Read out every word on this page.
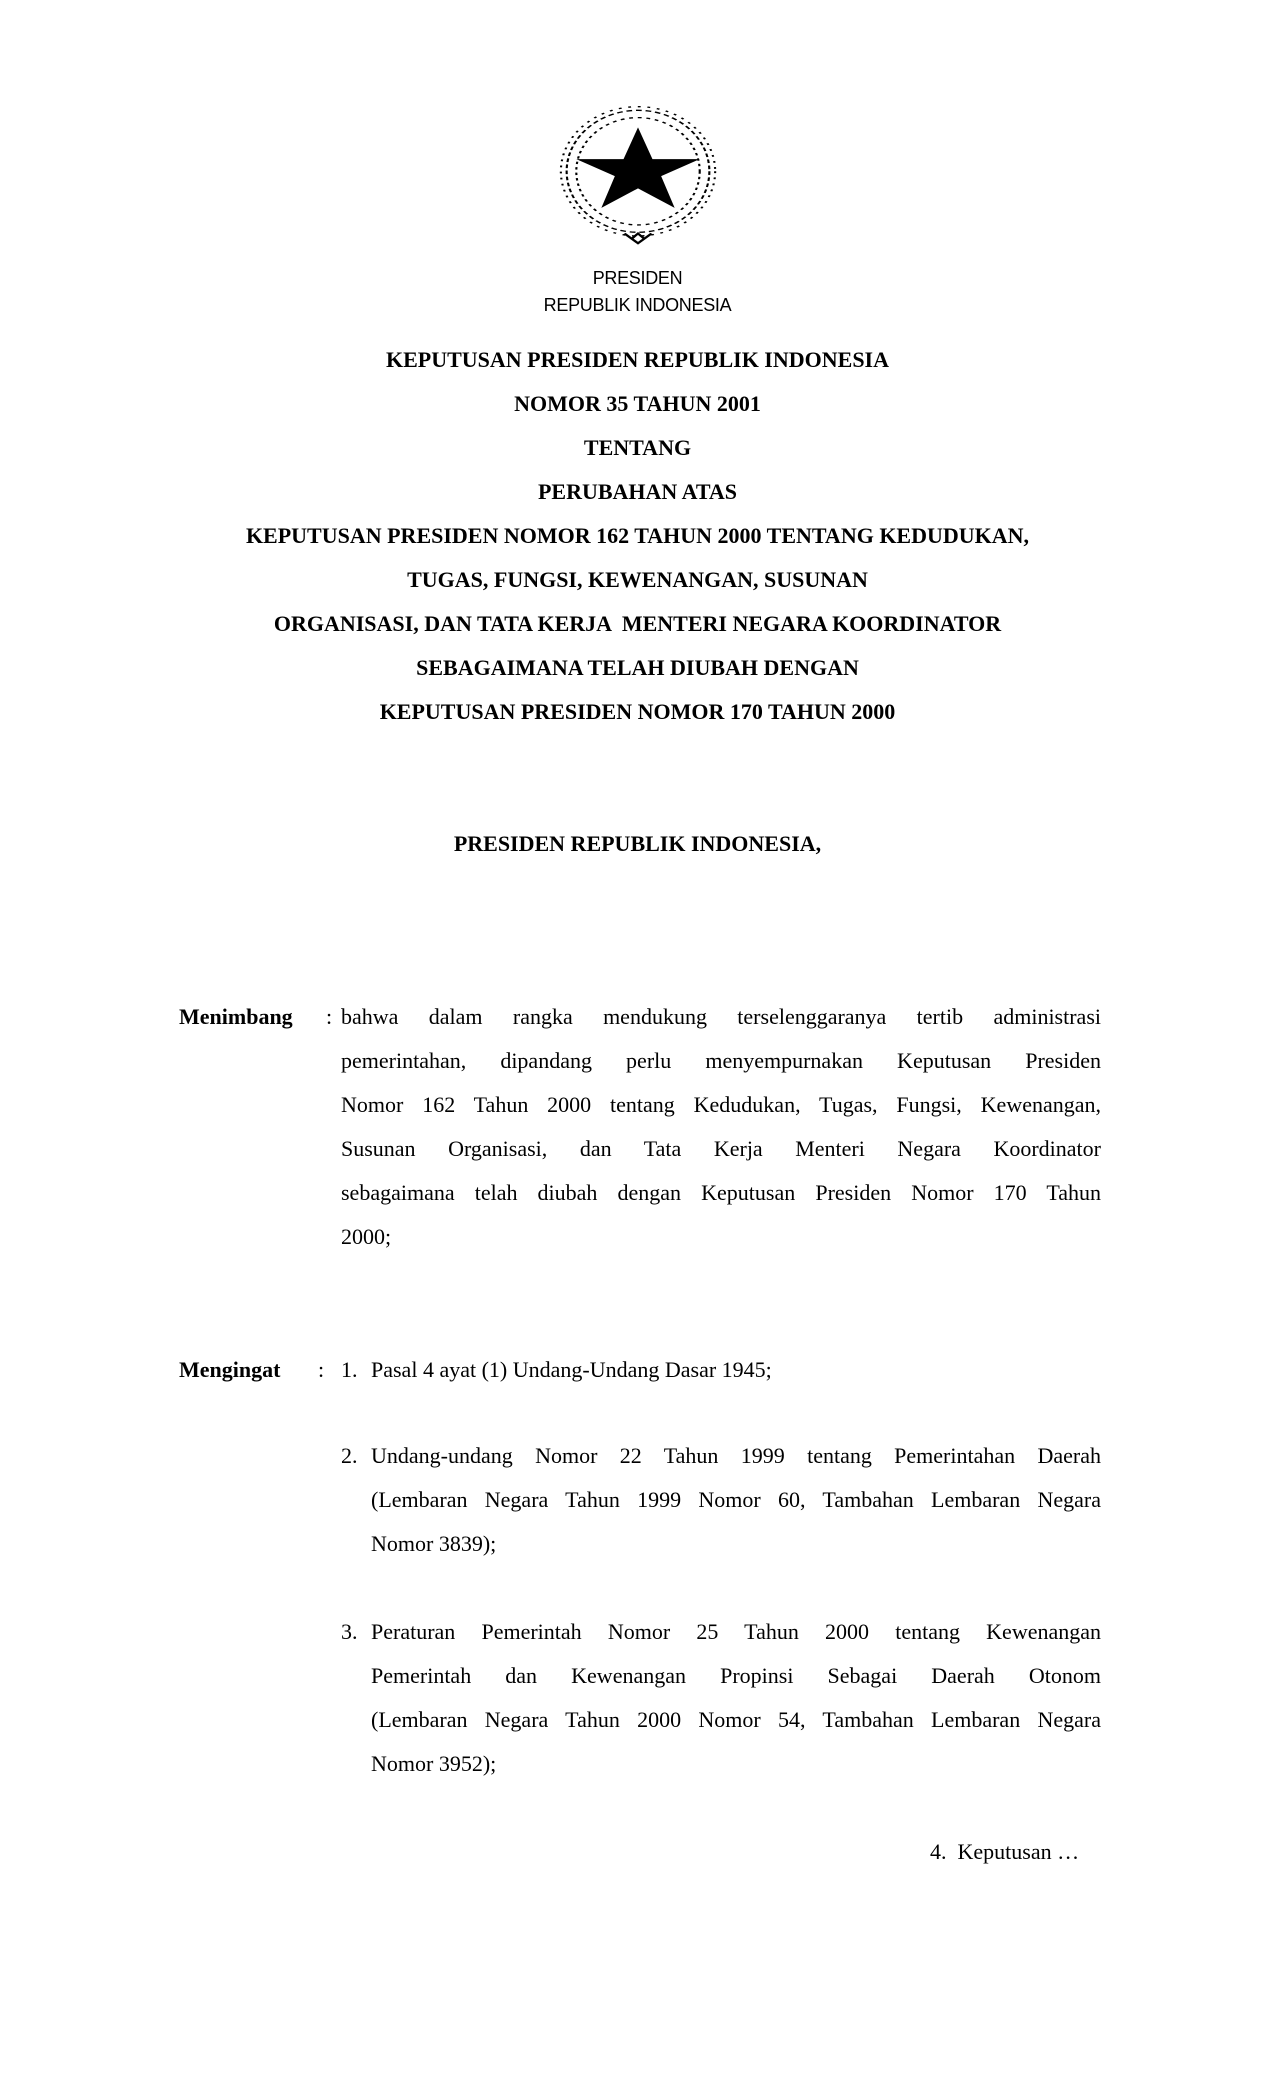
PRESIDEN
REPUBLIK INDONESIA
KEPUTUSAN PRESIDEN REPUBLIK INDONESIA
NOMOR 35 TAHUN 2001
TENTANG
PERUBAHAN ATAS
KEPUTUSAN PRESIDEN NOMOR 162 TAHUN 2000 TENTANG KEDUDUKAN,
TUGAS, FUNGSI, KEWENANGAN, SUSUNAN
ORGANISASI, DAN TATA KERJA  MENTERI NEGARA KOORDINATOR
SEBAGAIMANA TELAH DIUBAH DENGAN
KEPUTUSAN PRESIDEN NOMOR 170 TAHUN 2000
PRESIDEN REPUBLIK INDONESIA,
Menimbang : bahwa dalam rangka mendukung terselenggaranya tertib administrasi
pemerintahan, dipandang perlu menyempurnakan Keputusan Presiden
Nomor 162 Tahun 2000 tentang Kedudukan, Tugas, Fungsi, Kewenangan,
Susunan Organisasi, dan Tata Kerja Menteri Negara Koordinator
sebagaimana telah diubah dengan Keputusan Presiden Nomor 170 Tahun
2000;
Mengingat : 1. Pasal 4 ayat (1) Undang-Undang Dasar 1945;
2. Undang-undang Nomor 22 Tahun 1999 tentang Pemerintahan Daerah
(Lembaran Negara Tahun 1999 Nomor 60, Tambahan Lembaran Negara
Nomor 3839);
3. Peraturan Pemerintah Nomor 25 Tahun 2000 tentang Kewenangan
Pemerintah dan Kewenangan Propinsi Sebagai Daerah Otonom
(Lembaran Negara Tahun 2000 Nomor 54, Tambahan Lembaran Negara
Nomor 3952);
4.  Keputusan …
